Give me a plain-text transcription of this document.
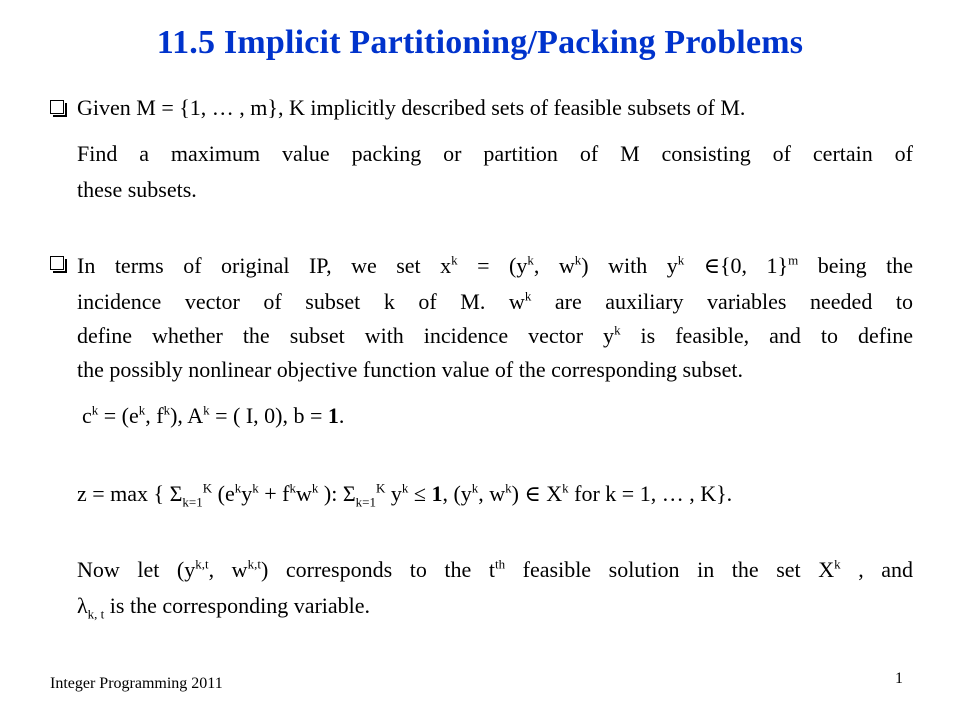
11.5 Implicit Partitioning/Packing Problems
Given M = {1, … , m}, K implicitly described sets of feasible subsets of M.
Find a maximum value packing or partition of M consisting of certain of
these subsets.
In terms of original IP, we set $x^k = (y^k$, $w^k$) with $y^k$ ∈{0, 1}$^m$ being the
incidence vector of subset k of M. $w^k$ are auxiliary variables needed to
define whether the subset with incidence vector $y^k$ is feasible, and to define
the possibly nonlinear objective function value of the corresponding subset.
$c^k = (e^k$, $f^k$), $A^k$ = ( I, 0), b = 1.
z = max { $\Sigma_{k=1}^K$ ($e^ky^k + f^kw^k$ ): $\Sigma_{k=1}^K$ $y^k \le 1$, ($y^k$, $w^k$) ∈ $X^k$ for k = 1, … , K}.
Now let ($y^{k,t}$, $w^{k,t}$) corresponds to the $t^{th}$ feasible solution in the set $X^k$ , and
$\lambda_{k, t}$ is the corresponding variable.
Integer Programming 2011	1
